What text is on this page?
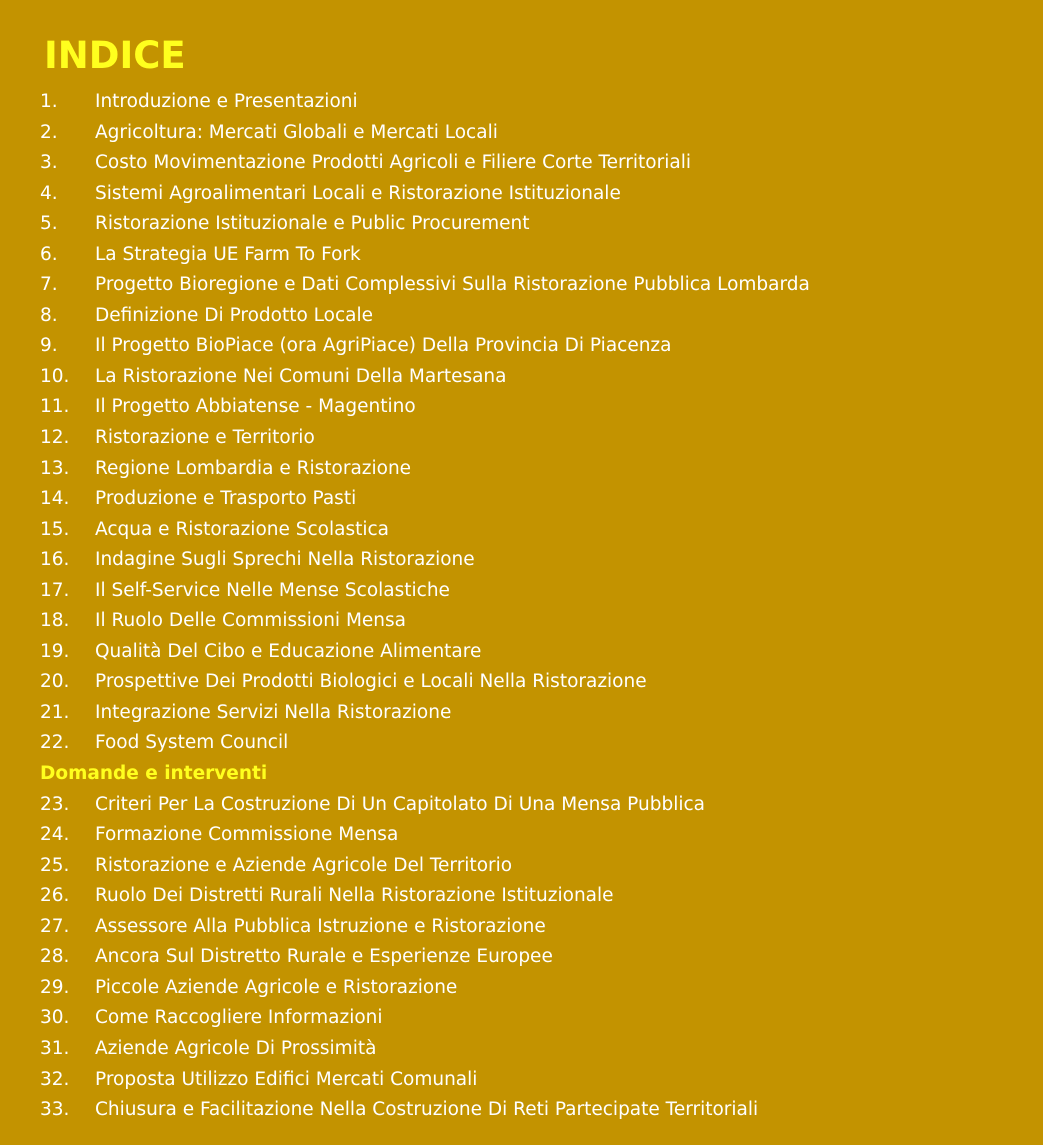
INDICE
1. Introduzione e Presentazioni
2. Agricoltura: Mercati Globali e Mercati Locali
3. Costo Movimentazione Prodotti Agricoli e Filiere Corte Territoriali
4. Sistemi Agroalimentari Locali e Ristorazione Istituzionale
5. Ristorazione Istituzionale e Public Procurement
6. La Strategia UE Farm To Fork
7. Progetto Bioregione e Dati Complessivi Sulla Ristorazione Pubblica Lombarda
8. Definizione Di Prodotto Locale
9. Il Progetto BioPiace (ora AgriPiace) Della Provincia Di Piacenza
10. La Ristorazione Nei Comuni Della Martesana
11. Il Progetto Abbiatense - Magentino
12. Ristorazione e Territorio
13. Regione Lombardia e Ristorazione
14. Produzione e Trasporto Pasti
15. Acqua e Ristorazione Scolastica
16. Indagine Sugli Sprechi Nella Ristorazione
17. Il Self-Service Nelle Mense Scolastiche
18. Il Ruolo Delle Commissioni Mensa
19. Qualità Del Cibo e Educazione Alimentare
20. Prospettive Dei Prodotti Biologici e Locali Nella Ristorazione
21. Integrazione Servizi Nella Ristorazione
22. Food System Council
Domande e interventi
23. Criteri Per La Costruzione Di Un Capitolato Di Una Mensa Pubblica
24. Formazione Commissione Mensa
25. Ristorazione e Aziende Agricole Del Territorio
26. Ruolo Dei Distretti Rurali Nella Ristorazione Istituzionale
27. Assessore Alla Pubblica Istruzione e Ristorazione
28. Ancora Sul Distretto Rurale e Esperienze Europee
29. Piccole Aziende Agricole e Ristorazione
30. Come Raccogliere Informazioni
31. Aziende Agricole Di Prossimità
32. Proposta Utilizzo Edifici Mercati Comunali
33. Chiusura e Facilitazione Nella Costruzione Di Reti Partecipate Territoriali
